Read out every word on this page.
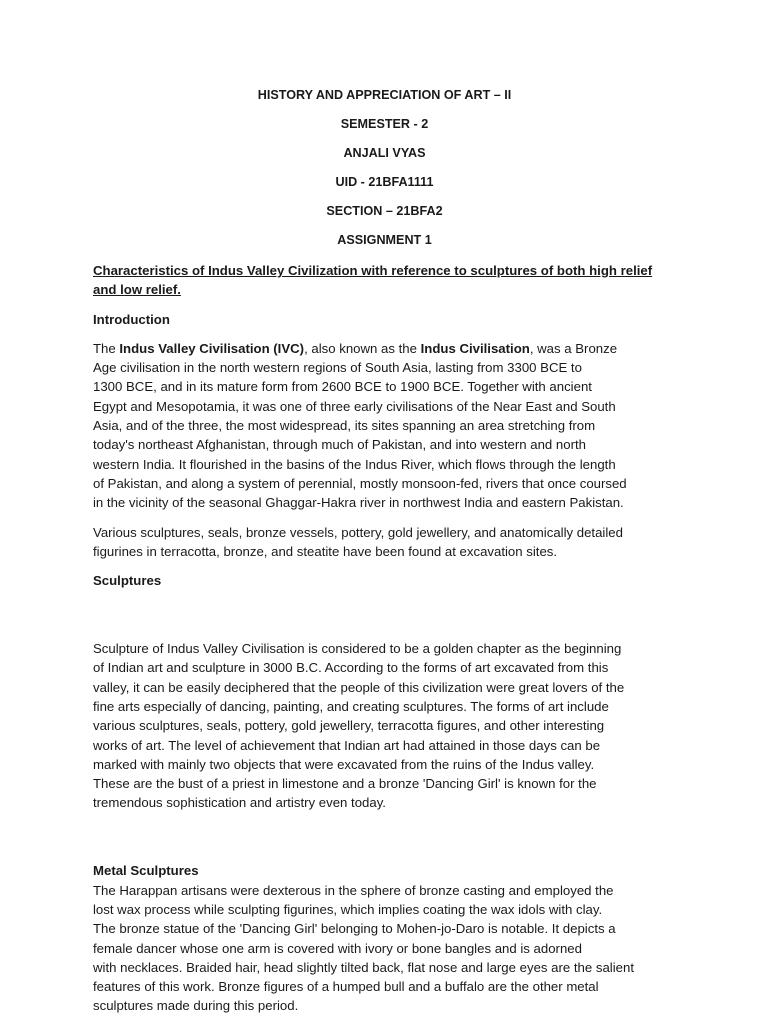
HISTORY AND APPRECIATION OF ART – II

SEMESTER - 2

ANJALI VYAS

UID - 21BFA1111

SECTION – 21BFA2

ASSIGNMENT 1

Characteristics of Indus Valley Civilization with reference to sculptures of both high relief
and low relief.

Introduction

The Indus Valley Civilisation (IVC), also known as the Indus Civilisation, was a Bronze
Age civilisation in the north western regions of South Asia, lasting from 3300 BCE to
1300 BCE, and in its mature form from 2600 BCE to 1900 BCE. Together with ancient
Egypt and Mesopotamia, it was one of three early civilisations of the Near East and South
Asia, and of the three, the most widespread, its sites spanning an area stretching from
today's northeast Afghanistan, through much of Pakistan, and into western and north
western India. It flourished in the basins of the Indus River, which flows through the length
of Pakistan, and along a system of perennial, mostly monsoon-fed, rivers that once coursed
in the vicinity of the seasonal Ghaggar-Hakra river in northwest India and eastern Pakistan.

Various sculptures, seals, bronze vessels, pottery, gold jewellery, and anatomically detailed
figurines in terracotta, bronze, and steatite have been found at excavation sites.

Sculptures

Sculpture of Indus Valley Civilisation is considered to be a golden chapter as the beginning
of Indian art and sculpture in 3000 B.C. According to the forms of art excavated from this
valley, it can be easily deciphered that the people of this civilization were great lovers of the
fine arts especially of dancing, painting, and creating sculptures. The forms of art include
various sculptures, seals, pottery, gold jewellery, terracotta figures, and other interesting
works of art. The level of achievement that Indian art had attained in those days can be
marked with mainly two objects that were excavated from the ruins of the Indus valley.
These are the bust of a priest in limestone and a bronze 'Dancing Girl' is known for the
tremendous sophistication and artistry even today.

Metal Sculptures

The Harappan artisans were dexterous in the sphere of bronze casting and employed the
lost wax process while sculpting figurines, which implies coating the wax idols with clay.
The bronze statue of the 'Dancing Girl' belonging to Mohen-jo-Daro is notable. It depicts a
female dancer whose one arm is covered with ivory or bone bangles and is adorned
with necklaces. Braided hair, head slightly tilted back, flat nose and large eyes are the salient
features of this work. Bronze figures of a humped bull and a buffalo are the other metal
sculptures made during this period.
